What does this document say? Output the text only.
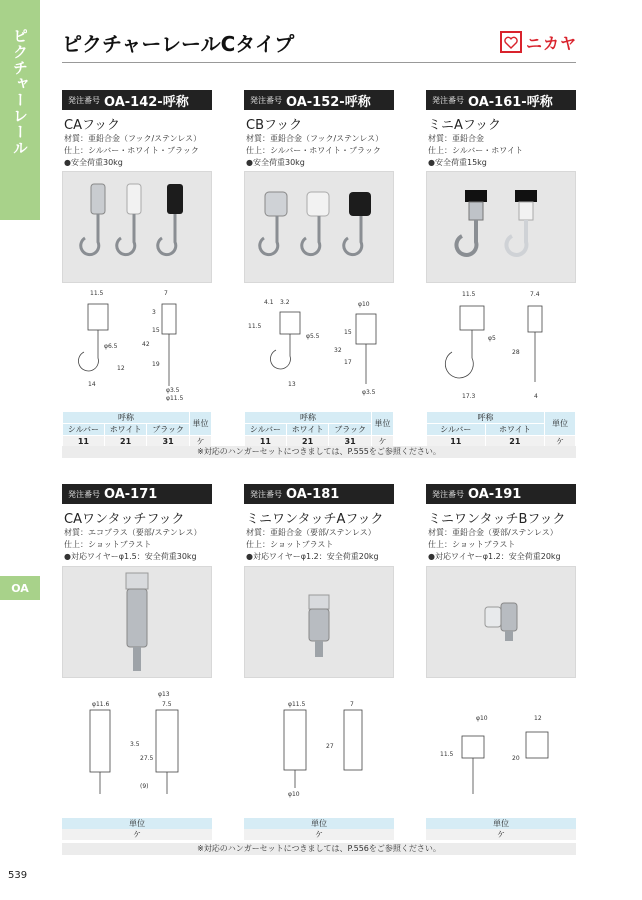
ピクチャーレール
OA
ピクチャーレールCタイプ	ニカヤ
発注番号 OA-142-呼称
CAフック
材質：亜鉛合金（フック/ステンレス）
仕上：シルバー・ホワイト・ブラック
●安全荷重30kg
11.5	7
3
15
42
19
12
14
φ6.5
φ3.5
φ11.5
呼称			単位
シルバー	ホワイト	ブラック	
11	21	31	ケ
発注番号 OA-152-呼称
CBフック
材質：亜鉛合金（フック/ステンレス）
仕上：シルバー・ホワイト・ブラック
●安全荷重30kg
4.1 3.2
11.5
φ5.5
13
φ10
15
32
17
φ3.5
呼称			単位
シルバー	ホワイト	ブラック	
11	21	31	ケ
発注番号 OA-161-呼称
ミニAフック
材質：亜鉛合金
仕上：シルバー・ホワイト
●安全荷重15kg
11.5	7.4
φ5
28
17.3	4
呼称		単位
シルバー	ホワイト	
11	21	ケ
※対応のハンガーセットにつきましては、P.555をご参照ください。
発注番号 OA-171
CAワンタッチフック
材質：エコプラス（要部/ステンレス）
仕上：ショットブラスト
●対応ワイヤーφ1.5：安全荷重30kg
φ11.6
φ13
7.5
3.5
27.5
(9)
単位
ケ
発注番号 OA-181
ミニワンタッチAフック
材質：亜鉛合金（要部/ステンレス）
仕上：ショットブラスト
●対応ワイヤーφ1.2：安全荷重20kg
φ11.5	7
27
φ10
単位
ケ
発注番号 OA-191
ミニワンタッチBフック
材質：亜鉛合金（要部/ステンレス）
仕上：ショットブラスト
●対応ワイヤーφ1.2：安全荷重20kg
φ10	12
11.5
20
単位
ケ
※対応のハンガーセットにつきましては、P.556をご参照ください。
539
